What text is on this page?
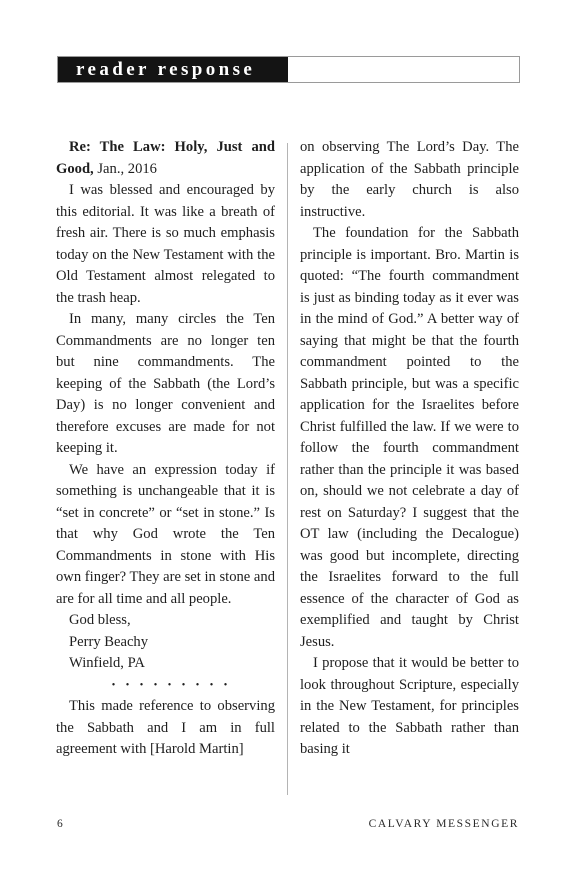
reader response

Re: The Law: Holy, Just and Good, Jan., 2016

I was blessed and encouraged by this editorial. It was like a breath of fresh air. There is so much emphasis today on the New Testament with the Old Testament almost relegated to the trash heap.

In many, many circles the Ten Commandments are no longer ten but nine commandments. The keeping of the Sabbath (the Lord’s Day) is no longer convenient and therefore excuses are made for not keeping it.

We have an expression today if something is unchangeable that it is “set in concrete” or “set in stone.” Is that why God wrote the Ten Commandments in stone with His own finger? They are set in stone and are for all time and all people.

God bless,
Perry Beachy
Winfield, PA
• • • • • • • • •

This made reference to observing the Sabbath and I am in full agreement with [Harold Martin]

on observing The Lord’s Day. The application of the Sabbath principle by the early church is also instructive.

The foundation for the Sabbath principle is important. Bro. Martin is quoted: “The fourth commandment is just as binding today as it ever was in the mind of God.” A better way of saying that might be that the fourth commandment pointed to the Sabbath principle, but was a specific application for the Israelites before Christ fulfilled the law. If we were to follow the fourth commandment rather than the principle it was based on, should we not celebrate a day of rest on Saturday? I suggest that the OT law (including the Decalogue) was good but incomplete, directing the Israelites forward to the full essence of the character of God as exemplified and taught by Christ Jesus.

I propose that it would be better to look throughout Scripture, especially in the New Testament, for principles related to the Sabbath rather than basing it

6	CALVARY MESSENGER
